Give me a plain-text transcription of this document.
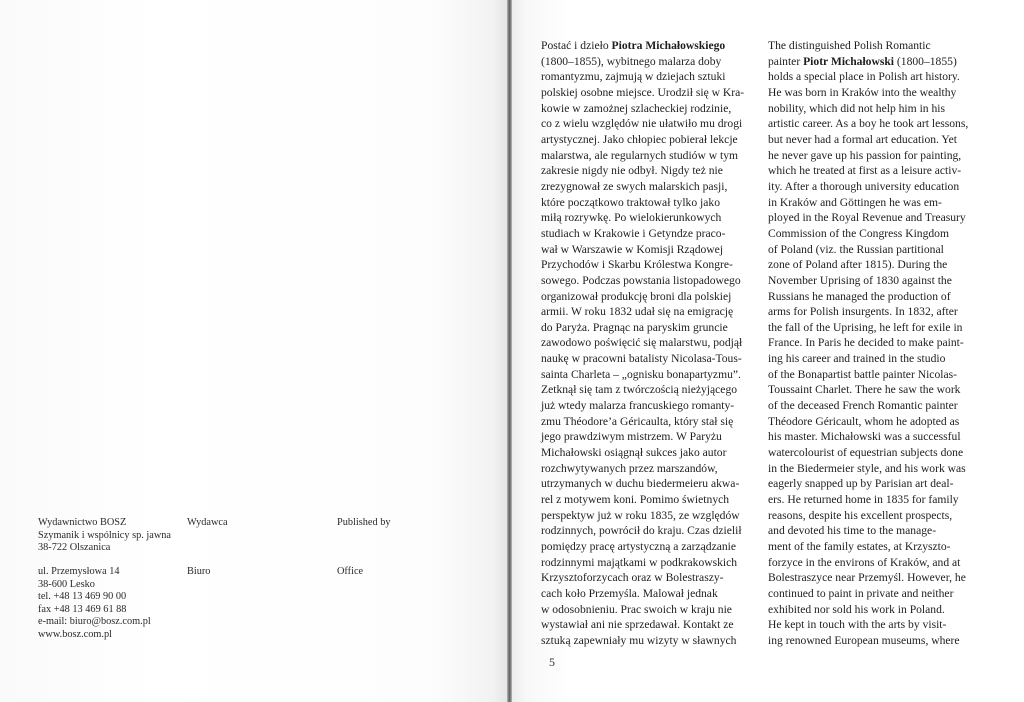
Wydawnictwo BOSZ
Szymanik i wspólnicy sp. jawna
38-722 Olszanica
ul. Przemysłowa 14
38-600 Lesko
tel. +48 13 469 90 00
fax +48 13 469 61 88
e-mail: biuro@bosz.com.pl
www.bosz.com.pl
Wydawca	Published by
Biuro	Office
Postać i dzieło Piotra Michałowskiego
(1800–1855), wybitnego malarza doby
romantyzmu, zajmują w dziejach sztuki
polskiej osobne miejsce. Urodził się w Kra-
kowie w zamożnej szlacheckiej rodzinie,
co z wielu względów nie ułatwiło mu drogi
artystycznej. Jako chłopiec pobierał lekcje
malarstwa, ale regularnych studiów w tym
zakresie nigdy nie odbył. Nigdy też nie
zrezygnował ze swych malarskich pasji,
które początkowo traktował tylko jako
miłą rozrywkę. Po wielokierunkowych
studiach w Krakowie i Getyndze praco-
wał w Warszawie w Komisji Rządowej
Przychodów i Skarbu Królestwa Kongre-
sowego. Podczas powstania listopadowego
organizował produkcję broni dla polskiej
armii. W roku 1832 udał się na emigrację
do Paryża. Pragnąc na paryskim gruncie
zawodowo poświęcić się malarstwu, podjął
naukę w pracowni batalisty Nicolasa-Tous-
sainta Charleta – „ognisku bonapartyzmu”.
Zetknął się tam z twórczością nieżyjącego
już wtedy malarza francuskiego romanty-
zmu Théodore’a Géricaulta, który stał się
jego prawdziwym mistrzem. W Paryżu
Michałowski osiągnął sukces jako autor
rozchwytywanych przez marszandów,
utrzymanych w duchu biedermeieru akwa-
rel z motywem koni. Pomimo świetnych
perspektyw już w roku 1835, ze względów
rodzinnych, powrócił do kraju. Czas dzielił
pomiędzy pracę artystyczną a zarządzanie
rodzinnymi majątkami w podkrakowskich
Krzysztoforzycach oraz w Bolestraszy-
cach koło Przemyśla. Malował jednak
w odosobnieniu. Prac swoich w kraju nie
wystawiał ani nie sprzedawał. Kontakt ze
sztuką zapewniały mu wizyty w sławnych
The distinguished Polish Romantic
painter Piotr Michałowski (1800–1855)
holds a special place in Polish art history.
He was born in Kraków into the wealthy
nobility, which did not help him in his
artistic career. As a boy he took art lessons,
but never had a formal art education. Yet
he never gave up his passion for painting,
which he treated at first as a leisure activ-
ity. After a thorough university education
in Kraków and Göttingen he was em-
ployed in the Royal Revenue and Treasury
Commission of the Congress Kingdom
of Poland (viz. the Russian partitional
zone of Poland after 1815). During the
November Uprising of 1830 against the
Russians he managed the production of
arms for Polish insurgents. In 1832, after
the fall of the Uprising, he left for exile in
France. In Paris he decided to make paint-
ing his career and trained in the studio
of the Bonapartist battle painter Nicolas-
Toussaint Charlet. There he saw the work
of the deceased French Romantic painter
Théodore Géricault, whom he adopted as
his master. Michałowski was a successful
watercolourist of equestrian subjects done
in the Biedermeier style, and his work was
eagerly snapped up by Parisian art deal-
ers. He returned home in 1835 for family
reasons, despite his excellent prospects,
and devoted his time to the manage-
ment of the family estates, at Krzyszto-
forzyce in the environs of Kraków, and at
Bolestraszyce near Przemyśl. However, he
continued to paint in private and neither
exhibited nor sold his work in Poland.
He kept in touch with the arts by visit-
ing renowned European museums, where
5
